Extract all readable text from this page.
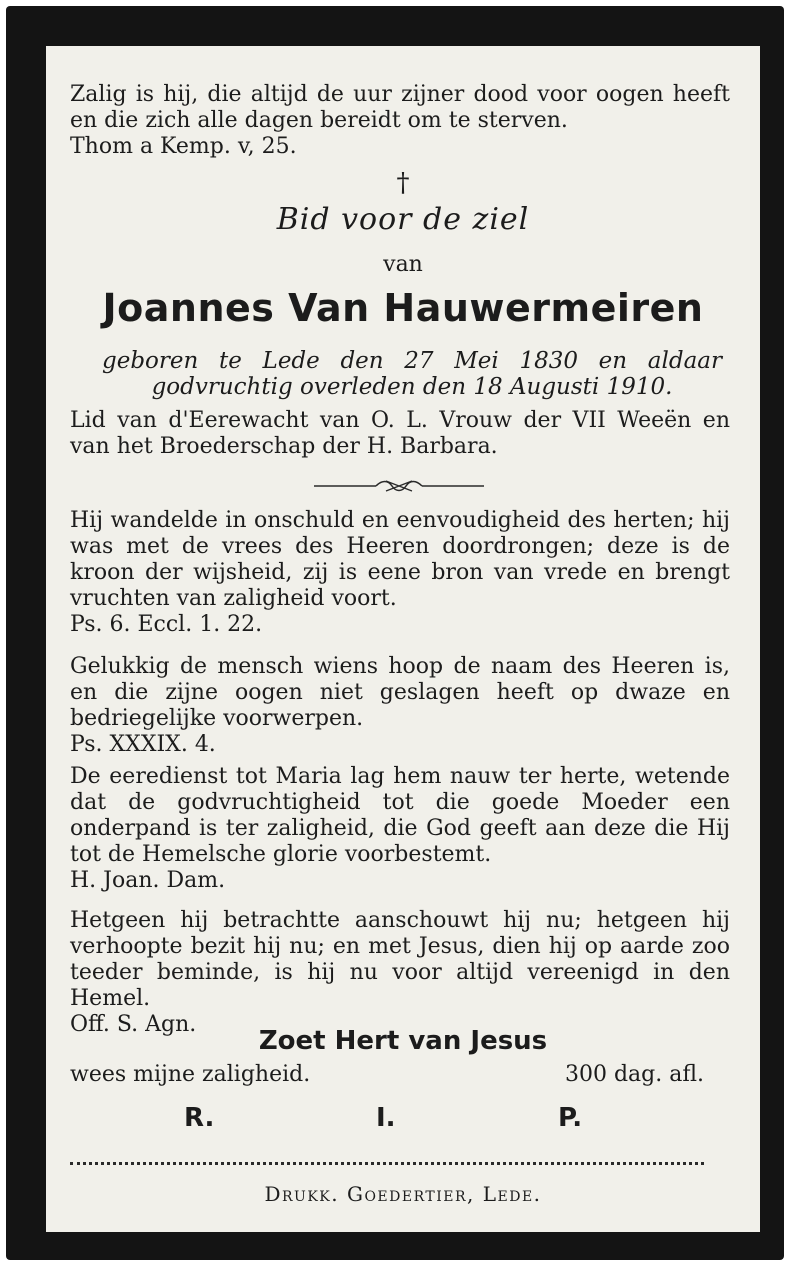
Zalig is hij, die altijd de uur zijner dood voor oogen heeft en die zich alle dagen bereidt om te sterven.
Thom a Kemp. v, 25.
†
Bid voor de ziel
van
Joannes Van Hauwermeiren
geboren te Lede den 27 Mei 1830 en aldaar godvruchtig overleden den 18 Augusti 1910.
Lid van d'Eerewacht van O. L. Vrouw der VII Weeën en van het Broederschap der H. Barbara.
Hij wandelde in onschuld en eenvoudigheid des herten; hij was met de vrees des Heeren doordrongen; deze is de kroon der wijsheid, zij is eene bron van vrede en brengt vruchten van zaligheid voort.
Ps. 6. Eccl. 1. 22.
Gelukkig de mensch wiens hoop de naam des Heeren is, en die zijne oogen niet geslagen heeft op dwaze en bedriegelijke voorwerpen.
Ps. XXXIX. 4.
De eeredienst tot Maria lag hem nauw ter herte, wetende dat de godvruchtigheid tot die goede Moeder een onderpand is ter zaligheid, die God geeft aan deze die Hij tot de Hemelsche glorie voorbestemt.
H. Joan. Dam.
Hetgeen hij betrachtte aanschouwt hij nu; hetgeen hij verhoopte bezit hij nu; en met Jesus, dien hij op aarde zoo teeder beminde, is hij nu voor altijd vereenigd in den Hemel.
Off. S. Agn.
Zoet Hert van Jesus
wees mijne zaligheid.	300 dag. afl.
R.	I.	P.
Drukk. Goedertier, Lede.
